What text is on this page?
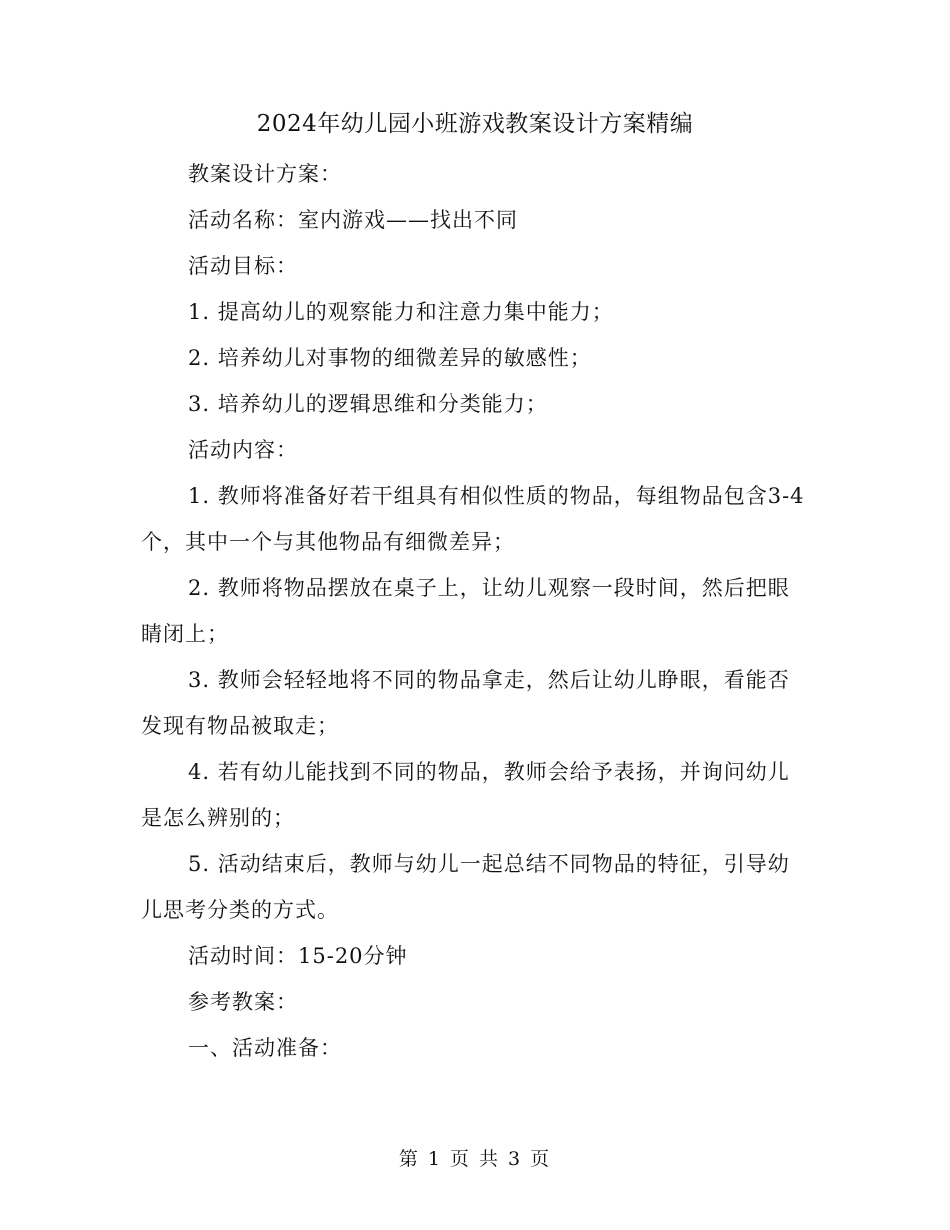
2024年幼儿园小班游戏教案设计方案精编

教案设计方案：

活动名称：室内游戏——找出不同

活动目标：

1. 提高幼儿的观察能力和注意力集中能力；

2. 培养幼儿对事物的细微差异的敏感性；

3. 培养幼儿的逻辑思维和分类能力；

活动内容：

1. 教师将准备好若干组具有相似性质的物品，每组物品包含3-4个，其中一个与其他物品有细微差异；

2. 教师将物品摆放在桌子上，让幼儿观察一段时间，然后把眼睛闭上；

3. 教师会轻轻地将不同的物品拿走，然后让幼儿睁眼，看能否发现有物品被取走；

4. 若有幼儿能找到不同的物品，教师会给予表扬，并询问幼儿是怎么辨别的；

5. 活动结束后，教师与幼儿一起总结不同物品的特征，引导幼儿思考分类的方式。

活动时间：15-20分钟

参考教案：

一、活动准备：

第 1 页 共 3 页
